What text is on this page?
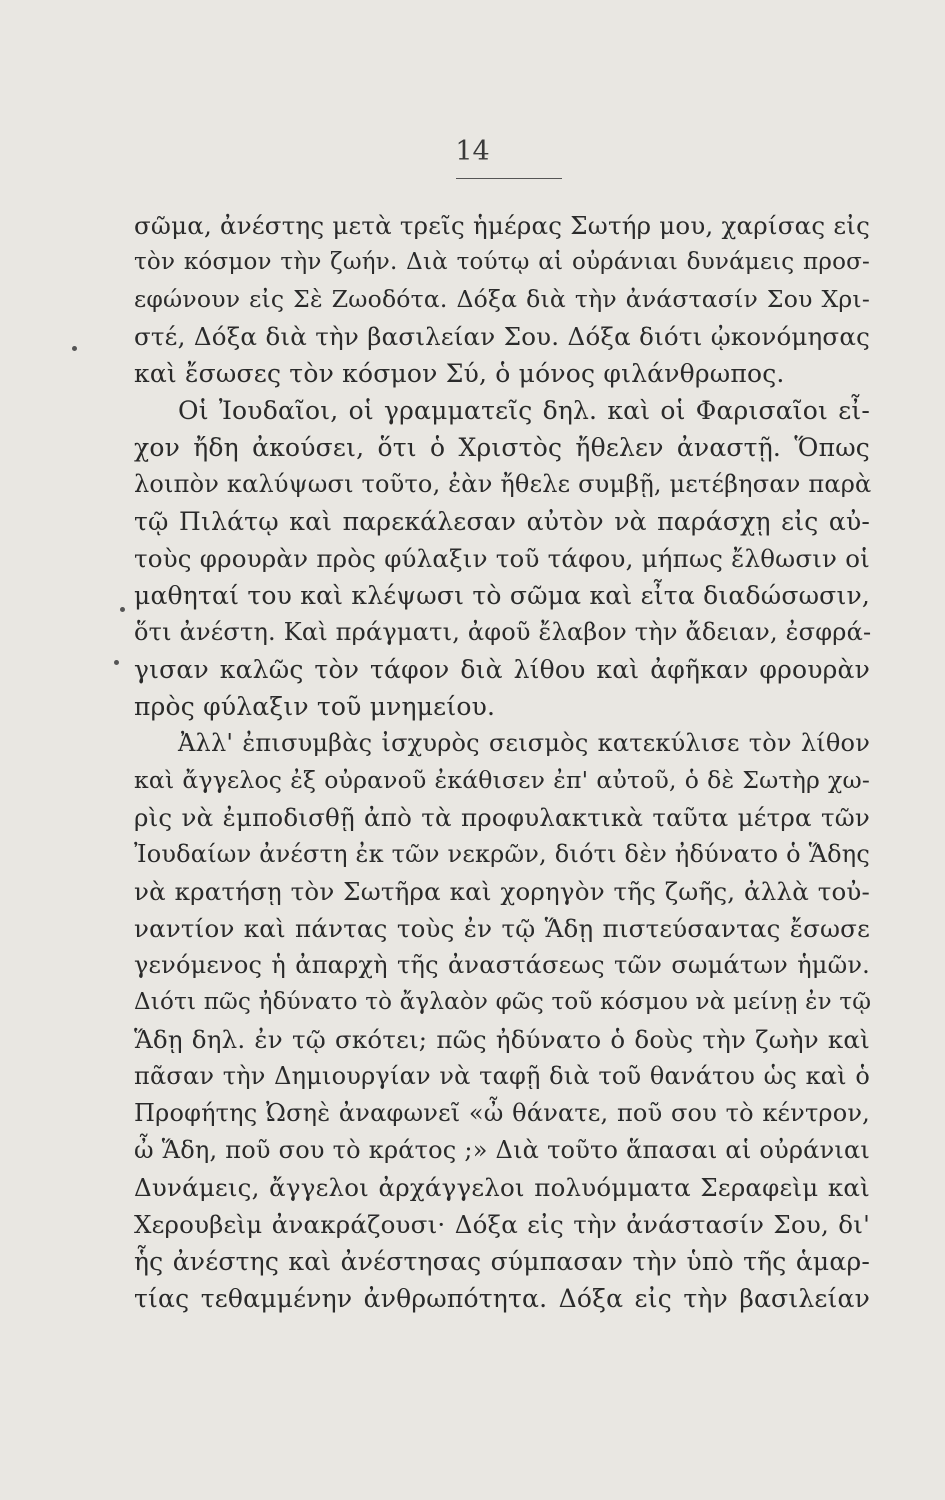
14
σῶμα, ἀνέστης μετὰ τρεῖς ἡμέρας Σωτήρ μου, χαρίσας εἰς
τὸν κόσμον τὴν ζωήν. Διὰ τούτῳ αἱ οὐράνιαι δυνάμεις προσ-
εφώνουν εἰς Σὲ Ζωοδότα. Δόξα διὰ τὴν ἀνάστασίν Σου Χρι-
στέ, Δόξα διὰ τὴν βασιλείαν Σου. Δόξα διότι ᾠκονόμησας
καὶ ἔσωσες τὸν κόσμον Σύ, ὁ μόνος φιλάνθρωπος.
Οἱ Ἰουδαῖοι, οἱ γραμματεῖς δηλ. καὶ οἱ Φαρισαῖοι εἶ-
χον ἤδη ἀκούσει, ὅτι ὁ Χριστὸς ἤθελεν ἀναστῇ. Ὅπως
λοιπὸν καλύψωσι τοῦτο, ἐὰν ἤθελε συμβῇ, μετέβησαν παρὰ
τῷ Πιλάτῳ καὶ παρεκάλεσαν αὐτὸν νὰ παράσχῃ εἰς αὐ-
τοὺς φρουρὰν πρὸς φύλαξιν τοῦ τάφου, μήπως ἔλθωσιν οἱ
μαθηταί του καὶ κλέψωσι τὸ σῶμα καὶ εἶτα διαδώσωσιν,
ὅτι ἀνέστη. Καὶ πράγματι, ἀφοῦ ἔλαβον τὴν ἄδειαν, ἐσφρά-
γισαν καλῶς τὸν τάφον διὰ λίθου καὶ ἀφῆκαν φρουρὰν
πρὸς φύλαξιν τοῦ μνημείου.
Ἀλλ' ἐπισυμβὰς ἰσχυρὸς σεισμὸς κατεκύλισε τὸν λίθον
καὶ ἄγγελος ἐξ οὐρανοῦ ἐκάθισεν ἐπ' αὐτοῦ, ὁ δὲ Σωτὴρ χω-
ρὶς νὰ ἐμποδισθῇ ἀπὸ τὰ προφυλακτικὰ ταῦτα μέτρα τῶν
Ἰουδαίων ἀνέστη ἐκ τῶν νεκρῶν, διότι δὲν ἠδύνατο ὁ Ἅδης
νὰ κρατήσῃ τὸν Σωτῆρα καὶ χορηγὸν τῆς ζωῆς, ἀλλὰ τοὐ-
ναντίον καὶ πάντας τοὺς ἐν τῷ Ἅδῃ πιστεύσαντας ἔσωσε
γενόμενος ἡ ἀπαρχὴ τῆς ἀναστάσεως τῶν σωμάτων ἡμῶν.
Διότι πῶς ἠδύνατο τὸ ἄγλαὸν φῶς τοῦ κόσμου νὰ μείνῃ ἐν τῷ
Ἅδῃ δηλ. ἐν τῷ σκότει; πῶς ἠδύνατο ὁ δοὺς τὴν ζωὴν καὶ
πᾶσαν τὴν Δημιουργίαν νὰ ταφῇ διὰ τοῦ θανάτου ὡς καὶ ὁ
Προφήτης Ὠσηὲ ἀναφωνεῖ «ὦ θάνατε, ποῦ σου τὸ κέντρον,
ὦ Ἅδη, ποῦ σου τὸ κράτος ;» Διὰ τοῦτο ἅπασαι αἱ οὐράνιαι
Δυνάμεις, ἄγγελοι ἀρχάγγελοι πολυόμματα Σεραφεὶμ καὶ
Χερουβεὶμ ἀνακράζουσι· Δόξα εἰς τὴν ἀνάστασίν Σου, δι'
ἧς ἀνέστης καὶ ἀνέστησας σύμπασαν τὴν ὑπὸ τῆς ἁμαρ-
τίας τεθαμμένην ἀνθρωπότητα. Δόξα εἰς τὴν βασιλείαν
